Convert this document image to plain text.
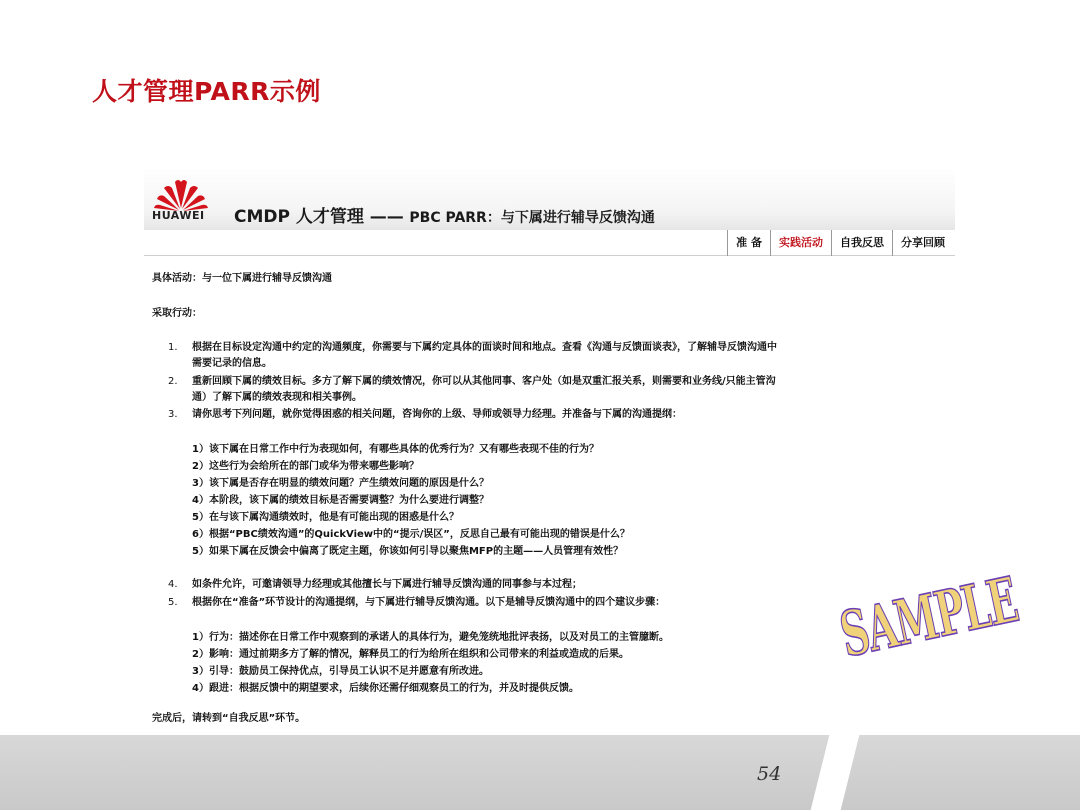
人才管理PARR示例
HUAWEI CMDP 人才管理 —— PBC PARR：与下属进行辅导反馈沟通
准 备	实践活动	自我反思	分享回顾
具体活动：与一位下属进行辅导反馈沟通
采取行动：
1. 根据在目标设定沟通中约定的沟通频度，你需要与下属约定具体的面谈时间和地点。查看《沟通与反馈面谈表》，了解辅导反馈沟通中
需要记录的信息。
2. 重新回顾下属的绩效目标。多方了解下属的绩效情况，你可以从其他同事、客户处（如是双重汇报关系，则需要和业务线/只能主管沟
通）了解下属的绩效表现和相关事例。
3. 请你思考下列问题，就你觉得困惑的相关问题，咨询你的上级、导师或领导力经理。并准备与下属的沟通提纲：
1）该下属在日常工作中行为表现如何，有哪些具体的优秀行为？又有哪些表现不佳的行为？
2）这些行为会给所在的部门或华为带来哪些影响？
3）该下属是否存在明显的绩效问题？产生绩效问题的原因是什么？
4）本阶段，该下属的绩效目标是否需要调整？为什么要进行调整？
5）在与该下属沟通绩效时，他是有可能出现的困惑是什么？
6）根据“PBC绩效沟通”的QuickView中的“提示/误区”，反思自己最有可能出现的错误是什么？
5）如果下属在反馈会中偏离了既定主题，你该如何引导以聚焦MFP的主题——人员管理有效性？
4. 如条件允许，可邀请领导力经理或其他擅长与下属进行辅导反馈沟通的同事参与本过程；
5. 根据你在“准备”环节设计的沟通提纲，与下属进行辅导反馈沟通。以下是辅导反馈沟通中的四个建议步骤：
1）行为：描述你在日常工作中观察到的承诺人的具体行为，避免笼统地批评表扬，以及对员工的主管臆断。
2）影响：通过前期多方了解的情况，解释员工的行为给所在组织和公司带来的利益或造成的后果。
3）引导：鼓励员工保持优点，引导员工认识不足并愿意有所改进。
4）跟进：根据反馈中的期望要求，后续你还需仔细观察员工的行为，并及时提供反馈。
完成后，请转到“自我反思”环节。
54
SAMPLE
